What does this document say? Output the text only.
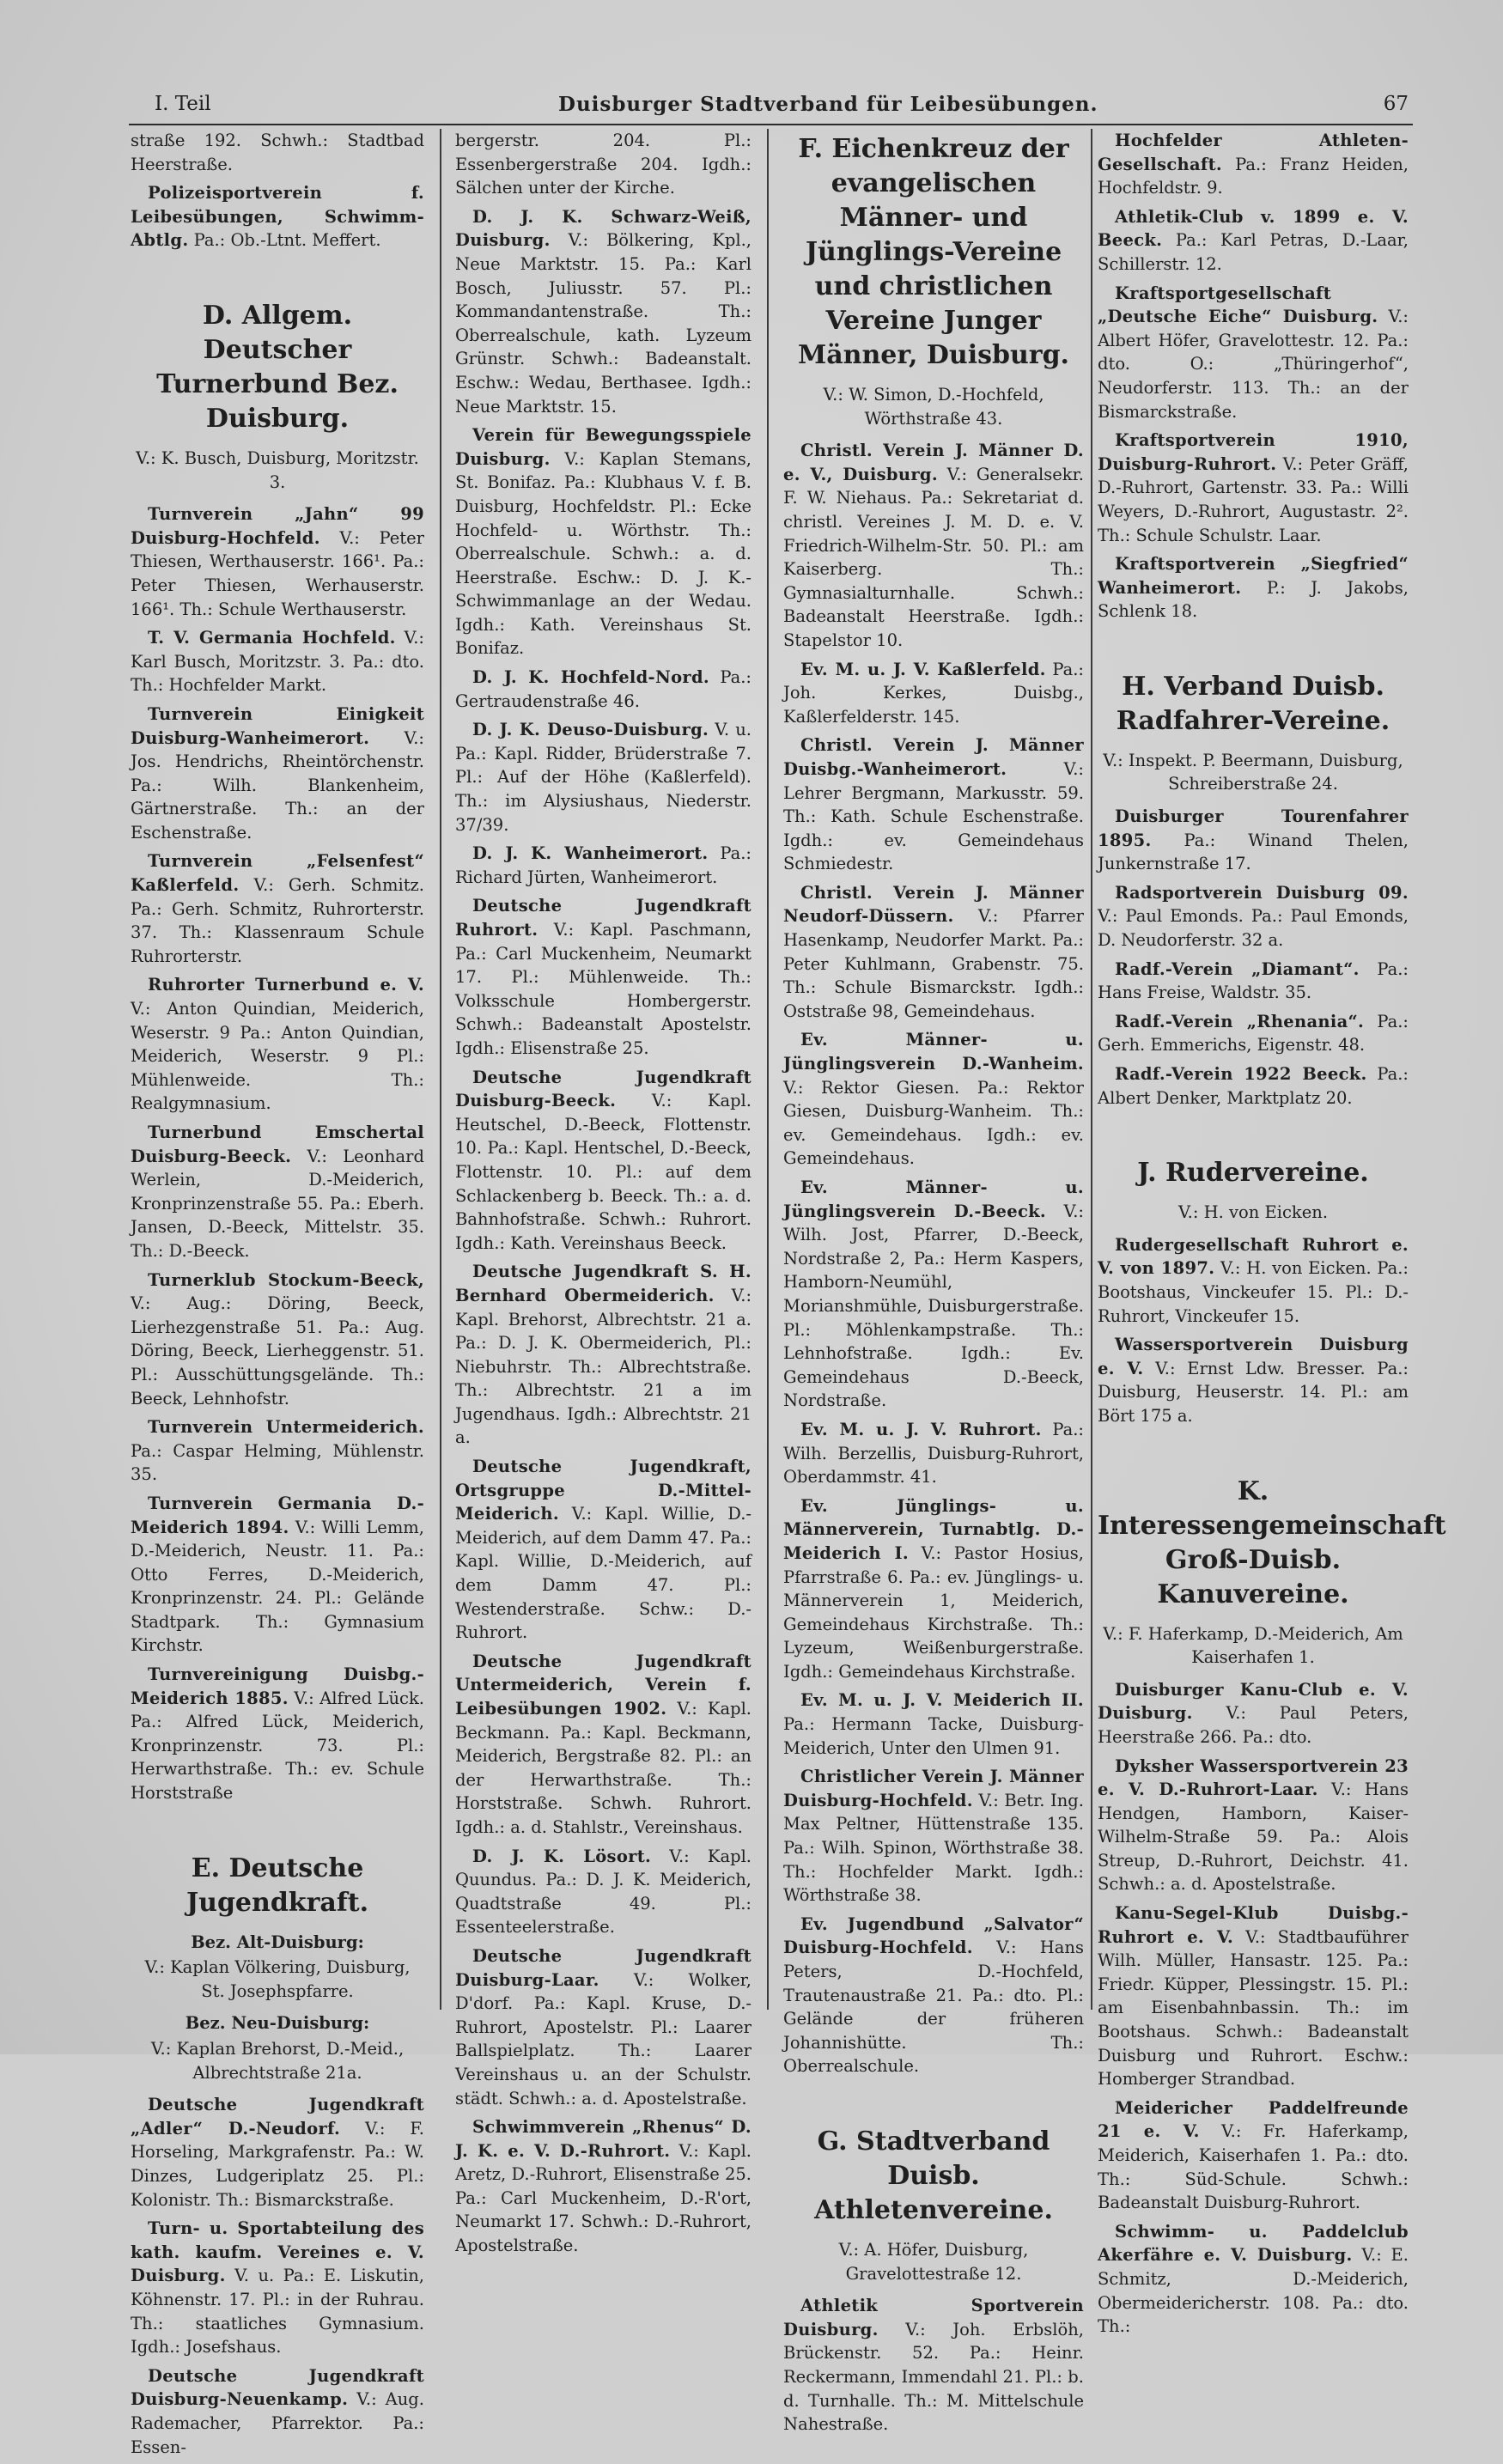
I. Teil	Duisburger Stadtverband für Leibesübungen.	67
straße 192. Schwh.: Stadtbad Heerstraße.
Polizeisportverein f. Leibesübungen, Schwimm-Abtlg. Pa.: Ob.-Ltnt. Meffert.
D. Allgem. Deutscher Turnerbund Bez. Duisburg.
V.: K. Busch, Duisburg, Moritzstr. 3.
Turnverein „Jahn“ 99 Duisburg-Hochfeld. V.: Peter Thiesen, Werthauserstr. 166¹. Pa.: Peter Thiesen, Werhauserstr. 166¹. Th.: Schule Werthauserstr.
T. V. Germania Hochfeld. V.: Karl Busch, Moritzstr. 3. Pa.: dto. Th.: Hochfelder Markt.
Turnverein Einigkeit Duisburg-Wanheimerort. V.: Jos. Hendrichs, Rheintörchenstr. Pa.: Wilh. Blankenheim, Gärtnerstraße. Th.: an der Eschenstraße.
Turnverein „Felsenfest“ Kaßlerfeld. V.: Gerh. Schmitz. Pa.: Gerh. Schmitz, Ruhrorterstr. 37. Th.: Klassenraum Schule Ruhrorterstr.
Ruhrorter Turnerbund e. V. V.: Anton Quindian, Meiderich, Weserstr. 9 Pa.: Anton Quindian, Meiderich, Weserstr. 9 Pl.: Mühlenweide. Th.: Realgymnasium.
Turnerbund Emschertal Duisburg-Beeck. V.: Leonhard Werlein, D.-Meiderich, Kronprinzenstraße 55. Pa.: Eberh. Jansen, D.-Beeck, Mittelstr. 35. Th.: D.-Beeck.
Turnerklub Stockum-Beeck, V.: Aug.: Döring, Beeck, Lierhezgenstraße 51. Pa.: Aug. Döring, Beeck, Lierheggenstr. 51. Pl.: Ausschüttungsgelände. Th.: Beeck, Lehnhofstr.
Turnverein Untermeiderich. Pa.: Caspar Helming, Mühlenstr. 35.
Turnverein Germania D.-Meiderich 1894. V.: Willi Lemm, D.-Meiderich, Neustr. 11. Pa.: Otto Ferres, D.-Meiderich, Kronprinzenstr. 24. Pl.: Gelände Stadtpark. Th.: Gymnasium Kirchstr.
Turnvereinigung Duisbg.-Meiderich 1885. V.: Alfred Lück. Pa.: Alfred Lück, Meiderich, Kronprinzenstr. 73. Pl.: Herwarthstraße. Th.: ev. Schule Horststraße
E. Deutsche Jugendkraft.
Bez. Alt-Duisburg:
V.: Kaplan Völkering, Duisburg, St. Josephspfarre.
Bez. Neu-Duisburg:
V.: Kaplan Brehorst, D.-Meid., Albrechtstraße 21a.
Deutsche Jugendkraft „Adler“ D.-Neudorf. V.: F. Horseling, Markgrafenstr. Pa.: W. Dinzes, Ludgeriplatz 25. Pl.: Kolonistr. Th.: Bismarckstraße.
Turn- u. Sportabteilung des kath. kaufm. Vereines e. V. Duisburg. V. u. Pa.: E. Liskutin, Köhnenstr. 17. Pl.: in der Ruhrau. Th.: staatliches Gymnasium. Igdh.: Josefshaus.
Deutsche Jugendkraft Duisburg-Neuenkamp. V.: Aug. Rademacher, Pfarrektor. Pa.: Essen-
bergerstr. 204. Pl.: Essenbergerstraße 204. Igdh.: Sälchen unter der Kirche.
D. J. K. Schwarz-Weiß, Duisburg. V.: Bölkering, Kpl., Neue Marktstr. 15. Pa.: Karl Bosch, Juliusstr. 57. Pl.: Kommandantenstraße. Th.: Oberrealschule, kath. Lyzeum Grünstr. Schwh.: Badeanstalt. Eschw.: Wedau, Berthasee. Igdh.: Neue Marktstr. 15.
Verein für Bewegungsspiele Duisburg. V.: Kaplan Stemans, St. Bonifaz. Pa.: Klubhaus V. f. B. Duisburg, Hochfeldstr. Pl.: Ecke Hochfeld- u. Wörthstr. Th.: Oberrealschule. Schwh.: a. d. Heerstraße. Eschw.: D. J. K.-Schwimmanlage an der Wedau. Igdh.: Kath. Vereinshaus St. Bonifaz.
D. J. K. Hochfeld-Nord. Pa.: Gertraudenstraße 46.
D. J. K. Deuso-Duisburg. V. u. Pa.: Kapl. Ridder, Brüderstraße 7. Pl.: Auf der Höhe (Kaßlerfeld). Th.: im Alysiushaus, Niederstr. 37/39.
D. J. K. Wanheimerort. Pa.: Richard Jürten, Wanheimerort.
Deutsche Jugendkraft Ruhrort. V.: Kapl. Paschmann, Pa.: Carl Muckenheim, Neumarkt 17. Pl.: Mühlenweide. Th.: Volksschule Hombergerstr. Schwh.: Badeanstalt Apostelstr. Igdh.: Elisenstraße 25.
Deutsche Jugendkraft Duisburg-Beeck. V.: Kapl. Heutschel, D.-Beeck, Flottenstr. 10. Pa.: Kapl. Hentschel, D.-Beeck, Flottenstr. 10. Pl.: auf dem Schlackenberg b. Beeck. Th.: a. d. Bahnhofstraße. Schwh.: Ruhrort. Igdh.: Kath. Vereinshaus Beeck.
Deutsche Jugendkraft S. H. Bernhard Obermeiderich. V.: Kapl. Brehorst, Albrechtstr. 21 a. Pa.: D. J. K. Obermeiderich, Pl.: Niebuhrstr. Th.: Albrechtstraße. Th.: Albrechtstr. 21 a im Jugendhaus. Igdh.: Albrechtstr. 21 a.
Deutsche Jugendkraft, Ortsgruppe D.-Mittel-Meiderich. V.: Kapl. Willie, D.-Meiderich, auf dem Damm 47. Pa.: Kapl. Willie, D.-Meiderich, auf dem Damm 47. Pl.: Westenderstraße. Schw.: D.-Ruhrort.
Deutsche Jugendkraft Untermeiderich, Verein f. Leibesübungen 1902. V.: Kapl. Beckmann. Pa.: Kapl. Beckmann, Meiderich, Bergstraße 82. Pl.: an der Herwarthstraße. Th.: Horststraße. Schwh. Ruhrort. Igdh.: a. d. Stahlstr., Vereinshaus.
D. J. K. Lösort. V.: Kapl. Quundus. Pa.: D. J. K. Meiderich, Quadtstraße 49. Pl.: Essenteelerstraße.
Deutsche Jugendkraft Duisburg-Laar. V.: Wolker, D'dorf. Pa.: Kapl. Kruse, D.-Ruhrort, Apostelstr. Pl.: Laarer Ballspielplatz. Th.: Laarer Vereinshaus u. an der Schulstr. städt. Schwh.: a. d. Apostelstraße.
Schwimmverein „Rhenus“ D. J. K. e. V. D.-Ruhrort. V.: Kapl. Aretz, D.-Ruhrort, Elisenstraße 25. Pa.: Carl Muckenheim, D.-R'ort, Neumarkt 17. Schwh.: D.-Ruhrort, Apostelstraße.
F. Eichenkreuz der evangelischen Männer- und Jünglings-Vereine und christlichen Vereine Junger Männer, Duisburg.
V.: W. Simon, D.-Hochfeld, Wörthstraße 43.
Christl. Verein J. Männer D. e. V., Duisburg. V.: Generalsekr. F. W. Niehaus. Pa.: Sekretariat d. christl. Vereines J. M. D. e. V. Friedrich-Wilhelm-Str. 50. Pl.: am Kaiserberg. Th.: Gymnasialturnhalle. Schwh.: Badeanstalt Heerstraße. Igdh.: Stapelstor 10.
Ev. M. u. J. V. Kaßlerfeld. Pa.: Joh. Kerkes, Duisbg., Kaßlerfelderstr. 145.
Christl. Verein J. Männer Duisbg.-Wanheimerort. V.: Lehrer Bergmann, Markusstr. 59. Th.: Kath. Schule Eschenstraße. Igdh.: ev. Gemeindehaus Schmiedestr.
Christl. Verein J. Männer Neudorf-Düssern. V.: Pfarrer Hasenkamp, Neudorfer Markt. Pa.: Peter Kuhlmann, Grabenstr. 75. Th.: Schule Bismarckstr. Igdh.: Oststraße 98, Gemeindehaus.
Ev. Männer- u. Jünglingsverein D.-Wanheim. V.: Rektor Giesen. Pa.: Rektor Giesen, Duisburg-Wanheim. Th.: ev. Gemeindehaus. Igdh.: ev. Gemeindehaus.
Ev. Männer- u. Jünglingsverein D.-Beeck. V.: Wilh. Jost, Pfarrer, D.-Beeck, Nordstraße 2, Pa.: Herm Kaspers, Hamborn-Neumühl, Morianshmühle, Duisburgerstraße. Pl.: Möhlenkampstraße. Th.: Lehnhofstraße. Igdh.: Ev. Gemeindehaus D.-Beeck, Nordstraße.
Ev. M. u. J. V. Ruhrort. Pa.: Wilh. Berzellis, Duisburg-Ruhrort, Oberdammstr. 41.
Ev. Jünglings- u. Männerverein, Turnabtlg. D.-Meiderich I. V.: Pastor Hosius, Pfarrstraße 6. Pa.: ev. Jünglings- u. Männerverein 1, Meiderich, Gemeindehaus Kirchstraße. Th.: Lyzeum, Weißenburgerstraße. Igdh.: Gemeindehaus Kirchstraße.
Ev. M. u. J. V. Meiderich II. Pa.: Hermann Tacke, Duisburg-Meiderich, Unter den Ulmen 91.
Christlicher Verein J. Männer Duisburg-Hochfeld. V.: Betr. Ing. Max Peltner, Hüttenstraße 135. Pa.: Wilh. Spinon, Wörthstraße 38. Th.: Hochfelder Markt. Igdh.: Wörthstraße 38.
Ev. Jugendbund „Salvator“ Duisburg-Hochfeld. V.: Hans Peters, D.-Hochfeld, Trautenaustraße 21. Pa.: dto. Pl.: Gelände der früheren Johannishütte. Th.: Oberrealschule.
G. Stadtverband Duisb. Athletenvereine.
V.: A. Höfer, Duisburg, Gravelottestraße 12.
Athletik Sportverein Duisburg. V.: Joh. Erbslöh, Brückenstr. 52. Pa.: Heinr. Reckermann, Immendahl 21. Pl.: b. d. Turnhalle. Th.: M. Mittelschule Nahestraße.
Hochfelder Athleten-Gesellschaft. Pa.: Franz Heiden, Hochfeldstr. 9.
Athletik-Club v. 1899 e. V. Beeck. Pa.: Karl Petras, D.-Laar, Schillerstr. 12.
Kraftsportgesellschaft „Deutsche Eiche“ Duisburg. V.: Albert Höfer, Gravelottestr. 12. Pa.: dto. O.: „Thüringerhof“, Neudorferstr. 113. Th.: an der Bismarckstraße.
Kraftsportverein 1910, Duisburg-Ruhrort. V.: Peter Gräff, D.-Ruhrort, Gartenstr. 33. Pa.: Willi Weyers, D.-Ruhrort, Augustastr. 2². Th.: Schule Schulstr. Laar.
Kraftsportverein „Siegfried“ Wanheimerort. P.: J. Jakobs, Schlenk 18.
H. Verband Duisb. Radfahrer-Vereine.
V.: Inspekt. P. Beermann, Duisburg, Schreiberstraße 24.
Duisburger Tourenfahrer 1895. Pa.: Winand Thelen, Junkernstraße 17.
Radsportverein Duisburg 09. V.: Paul Emonds. Pa.: Paul Emonds, D. Neudorferstr. 32 a.
Radf.-Verein „Diamant“. Pa.: Hans Freise, Waldstr. 35.
Radf.-Verein „Rhenania“. Pa.: Gerh. Emmerichs, Eigenstr. 48.
Radf.-Verein 1922 Beeck. Pa.: Albert Denker, Marktplatz 20.
J. Rudervereine.
V.: H. von Eicken.
Rudergesellschaft Ruhrort e. V. von 1897. V.: H. von Eicken. Pa.: Bootshaus, Vinckeufer 15. Pl.: D.-Ruhrort, Vinckeufer 15.
Wassersportverein Duisburg e. V. V.: Ernst Ldw. Bresser. Pa.: Duisburg, Heuserstr. 14. Pl.: am Bört 175 a.
K. Interessengemeinschaft Groß-Duisb. Kanuvereine.
V.: F. Haferkamp, D.-Meiderich, Am Kaiserhafen 1.
Duisburger Kanu-Club e. V. Duisburg. V.: Paul Peters, Heerstraße 266. Pa.: dto.
Dyksher Wassersportverein 23 e. V. D.-Ruhrort-Laar. V.: Hans Hendgen, Hamborn, Kaiser-Wilhelm-Straße 59. Pa.: Alois Streup, D.-Ruhrort, Deichstr. 41. Schwh.: a. d. Apostelstraße.
Kanu-Segel-Klub Duisbg.-Ruhrort e. V. V.: Stadtbauführer Wilh. Müller, Hansastr. 125. Pa.: Friedr. Küpper, Plessingstr. 15. Pl.: am Eisenbahnbassin. Th.: im Bootshaus. Schwh.: Badeanstalt Duisburg und Ruhrort. Eschw.: Homberger Strandbad.
Meidericher Paddelfreunde 21 e. V. V.: Fr. Haferkamp, Meiderich, Kaiserhafen 1. Pa.: dto. Th.: Süd-Schule. Schwh.: Badeanstalt Duisburg-Ruhrort.
Schwimm- u. Paddelclub Akerfähre e. V. Duisburg. V.: E. Schmitz, D.-Meiderich, Obermeidericherstr. 108. Pa.: dto. Th.:
